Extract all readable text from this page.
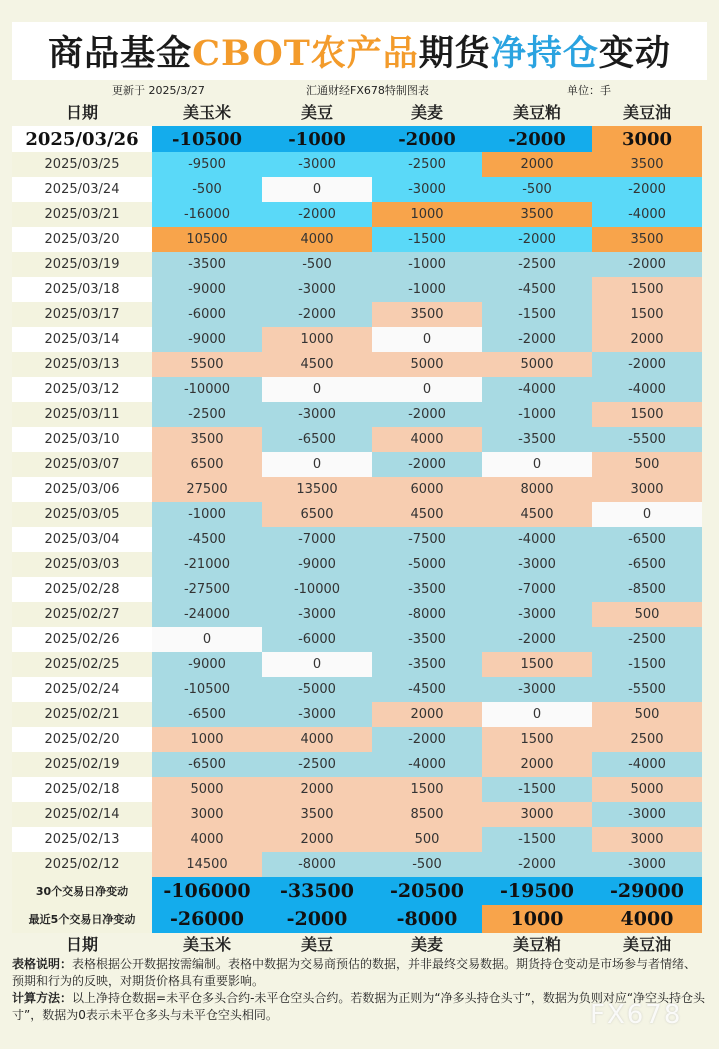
商品基金CBOT农产品期货净持仓变动
更新于 2025/3/27	汇通财经FX678特制图表	单位：手
日期	美玉米	美豆	美麦	美豆粕	美豆油
2025/03/26	-10500	-1000	-2000	-2000	3000
2025/03/25	-9500	-3000	-2500	2000	3500
2025/03/24	-500	0	-3000	-500	-2000
2025/03/21	-16000	-2000	1000	3500	-4000
2025/03/20	10500	4000	-1500	-2000	3500
2025/03/19	-3500	-500	-1000	-2500	-2000
2025/03/18	-9000	-3000	-1000	-4500	1500
2025/03/17	-6000	-2000	3500	-1500	1500
2025/03/14	-9000	1000	0	-2000	2000
2025/03/13	5500	4500	5000	5000	-2000
2025/03/12	-10000	0	0	-4000	-4000
2025/03/11	-2500	-3000	-2000	-1000	1500
2025/03/10	3500	-6500	4000	-3500	-5500
2025/03/07	6500	0	-2000	0	500
2025/03/06	27500	13500	6000	8000	3000
2025/03/05	-1000	6500	4500	4500	0
2025/03/04	-4500	-7000	-7500	-4000	-6500
2025/03/03	-21000	-9000	-5000	-3000	-6500
2025/02/28	-27500	-10000	-3500	-7000	-8500
2025/02/27	-24000	-3000	-8000	-3000	500
2025/02/26	0	-6000	-3500	-2000	-2500
2025/02/25	-9000	0	-3500	1500	-1500
2025/02/24	-10500	-5000	-4500	-3000	-5500
2025/02/21	-6500	-3000	2000	0	500
2025/02/20	1000	4000	-2000	1500	2500
2025/02/19	-6500	-2500	-4000	2000	-4000
2025/02/18	5000	2000	1500	-1500	5000
2025/02/14	3000	3500	8500	3000	-3000
2025/02/13	4000	2000	500	-1500	3000
2025/02/12	14500	-8000	-500	-2000	-3000
30个交易日净变动	-106000	-33500	-20500	-19500	-29000
最近5个交易日净变动	-26000	-2000	-8000	1000	4000
日期	美玉米	美豆	美麦	美豆粕	美豆油

表格说明：表格根据公开数据按需编制。表格中数据为交易商预估的数据，并非最终交易数据。期货持仓变动是市场参与者情绪、预期和行为的反映，对期货价格具有重要影响。

计算方法：以上净持仓数据=未平仓多头合约-未平仓空头合约。若数据为正则为“净多头持仓头寸”，数据为负则对应“净空头持仓头寸”，数据为0表示未平仓多头与未平仓空头相同。	FX678
